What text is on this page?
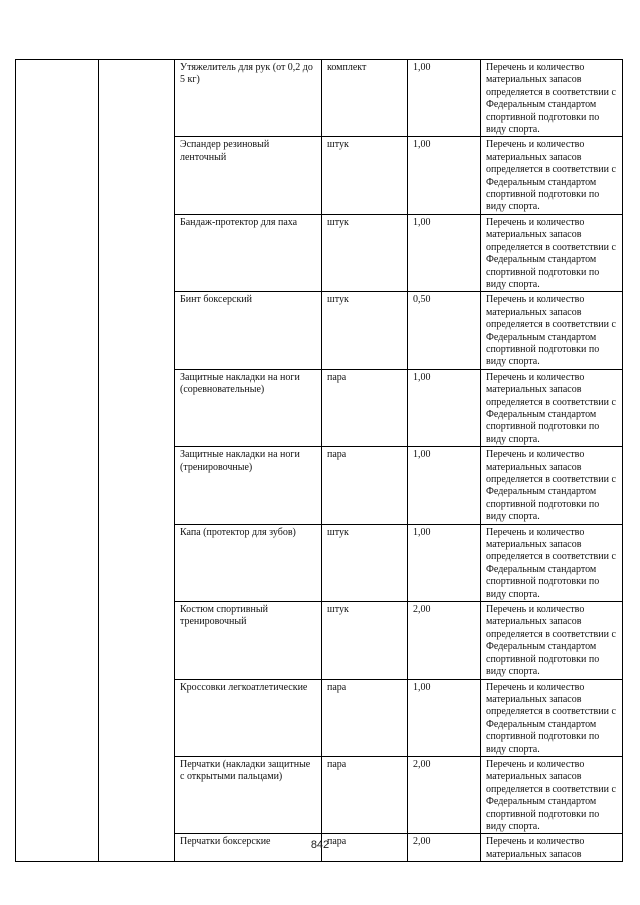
		Утяжелитель для рук (от 0,2 до 5 кг)	комплект	1,00	Перечень и количество материальных запасов определяется в соответствии с Федеральным стандартом спортивной подготовки по виду спорта.
		Эспандер резиновый ленточный	штук	1,00	Перечень и количество материальных запасов определяется в соответствии с Федеральным стандартом спортивной подготовки по виду спорта.
		Бандаж-протектор для паха	штук	1,00	Перечень и количество материальных запасов определяется в соответствии с Федеральным стандартом спортивной подготовки по виду спорта.
		Бинт боксерский	штук	0,50	Перечень и количество материальных запасов определяется в соответствии с Федеральным стандартом спортивной подготовки по виду спорта.
		Защитные накладки на ноги (соревновательные)	пара	1,00	Перечень и количество материальных запасов определяется в соответствии с Федеральным стандартом спортивной подготовки по виду спорта.
		Защитные накладки на ноги (тренировочные)	пара	1,00	Перечень и количество материальных запасов определяется в соответствии с Федеральным стандартом спортивной подготовки по виду спорта.
		Капа (протектор для зубов)	штук	1,00	Перечень и количество материальных запасов определяется в соответствии с Федеральным стандартом спортивной подготовки по виду спорта.
		Костюм спортивный тренировочный	штук	2,00	Перечень и количество материальных запасов определяется в соответствии с Федеральным стандартом спортивной подготовки по виду спорта.
		Кроссовки легкоатлетические	пара	1,00	Перечень и количество материальных запасов определяется в соответствии с Федеральным стандартом спортивной подготовки по виду спорта.
		Перчатки (накладки защитные с открытыми пальцами)	пара	2,00	Перечень и количество материальных запасов определяется в соответствии с Федеральным стандартом спортивной подготовки по виду спорта.
		Перчатки боксерские	пара	2,00	Перечень и количество материальных запасов
842
